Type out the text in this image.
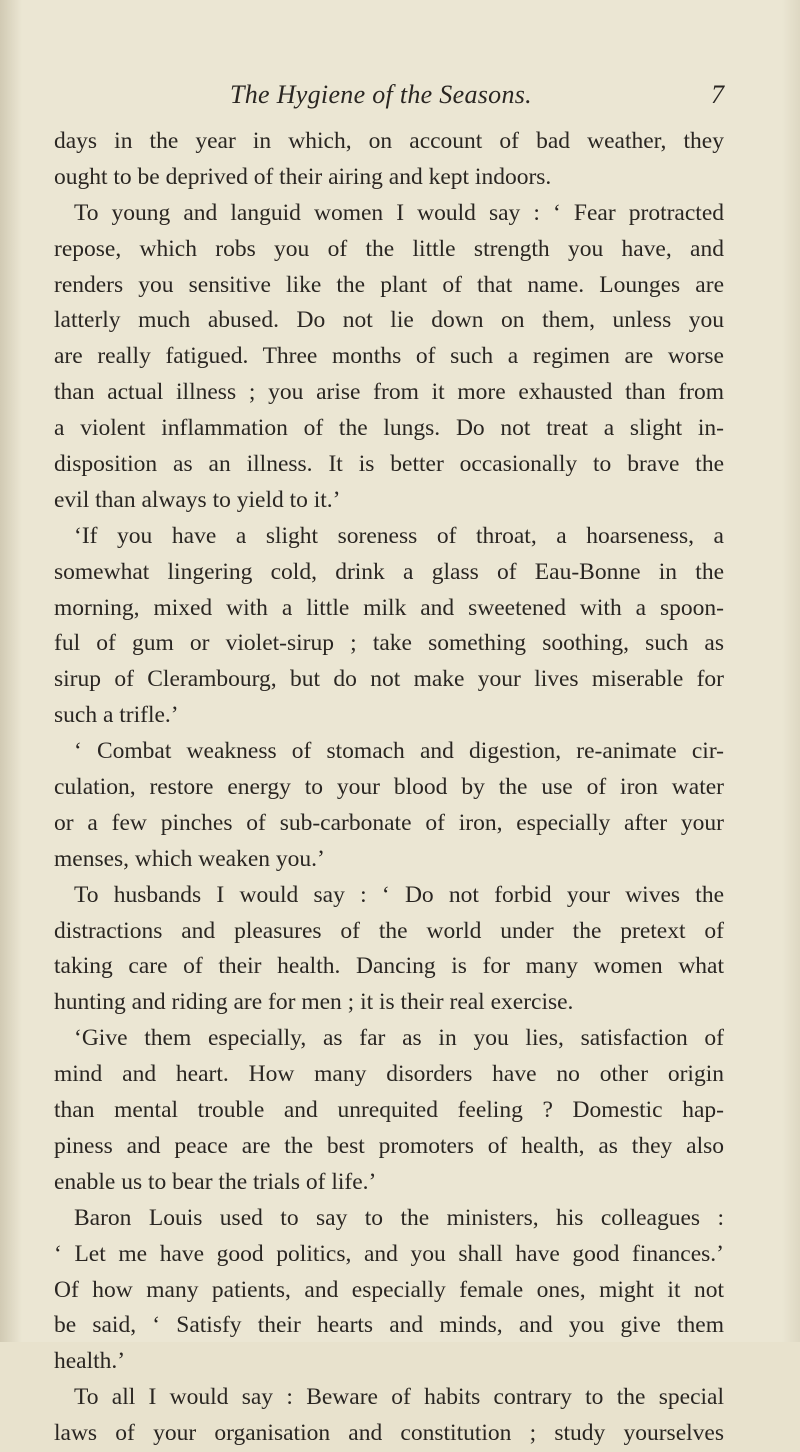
The Hygiene of the Seasons.	7
days in the year in which, on account of bad weather, they
ought to be deprived of their airing and kept indoors.
To young and languid women I would say : ‘ Fear protracted
repose, which robs you of the little strength you have, and
renders you sensitive like the plant of that name. Lounges are
latterly much abused. Do not lie down on them, unless you
are really fatigued. Three months of such a regimen are worse
than actual illness ; you arise from it more exhausted than from
a violent inflammation of the lungs. Do not treat a slight in-
disposition as an illness. It is better occasionally to brave the
evil than always to yield to it.’
‘If you have a slight soreness of throat, a hoarseness, a
somewhat lingering cold, drink a glass of Eau-Bonne in the
morning, mixed with a little milk and sweetened with a spoon-
ful of gum or violet-sirup ; take something soothing, such as
sirup of Clerambourg, but do not make your lives miserable for
such a trifle.’
‘ Combat weakness of stomach and digestion, re-animate cir-
culation, restore energy to your blood by the use of iron water
or a few pinches of sub-carbonate of iron, especially after your
menses, which weaken you.’
To husbands I would say : ‘ Do not forbid your wives the
distractions and pleasures of the world under the pretext of
taking care of their health. Dancing is for many women what
hunting and riding are for men ; it is their real exercise.
‘Give them especially, as far as in you lies, satisfaction of
mind and heart. How many disorders have no other origin
than mental trouble and unrequited feeling ? Domestic hap-
piness and peace are the best promoters of health, as they also
enable us to bear the trials of life.’
Baron Louis used to say to the ministers, his colleagues :
‘ Let me have good politics, and you shall have good finances.’
Of how many patients, and especially female ones, might it not
be said, ‘ Satisfy their hearts and minds, and you give them
health.’
To all I would say : Beware of habits contrary to the special
laws of your organisation and constitution ; study yourselves
